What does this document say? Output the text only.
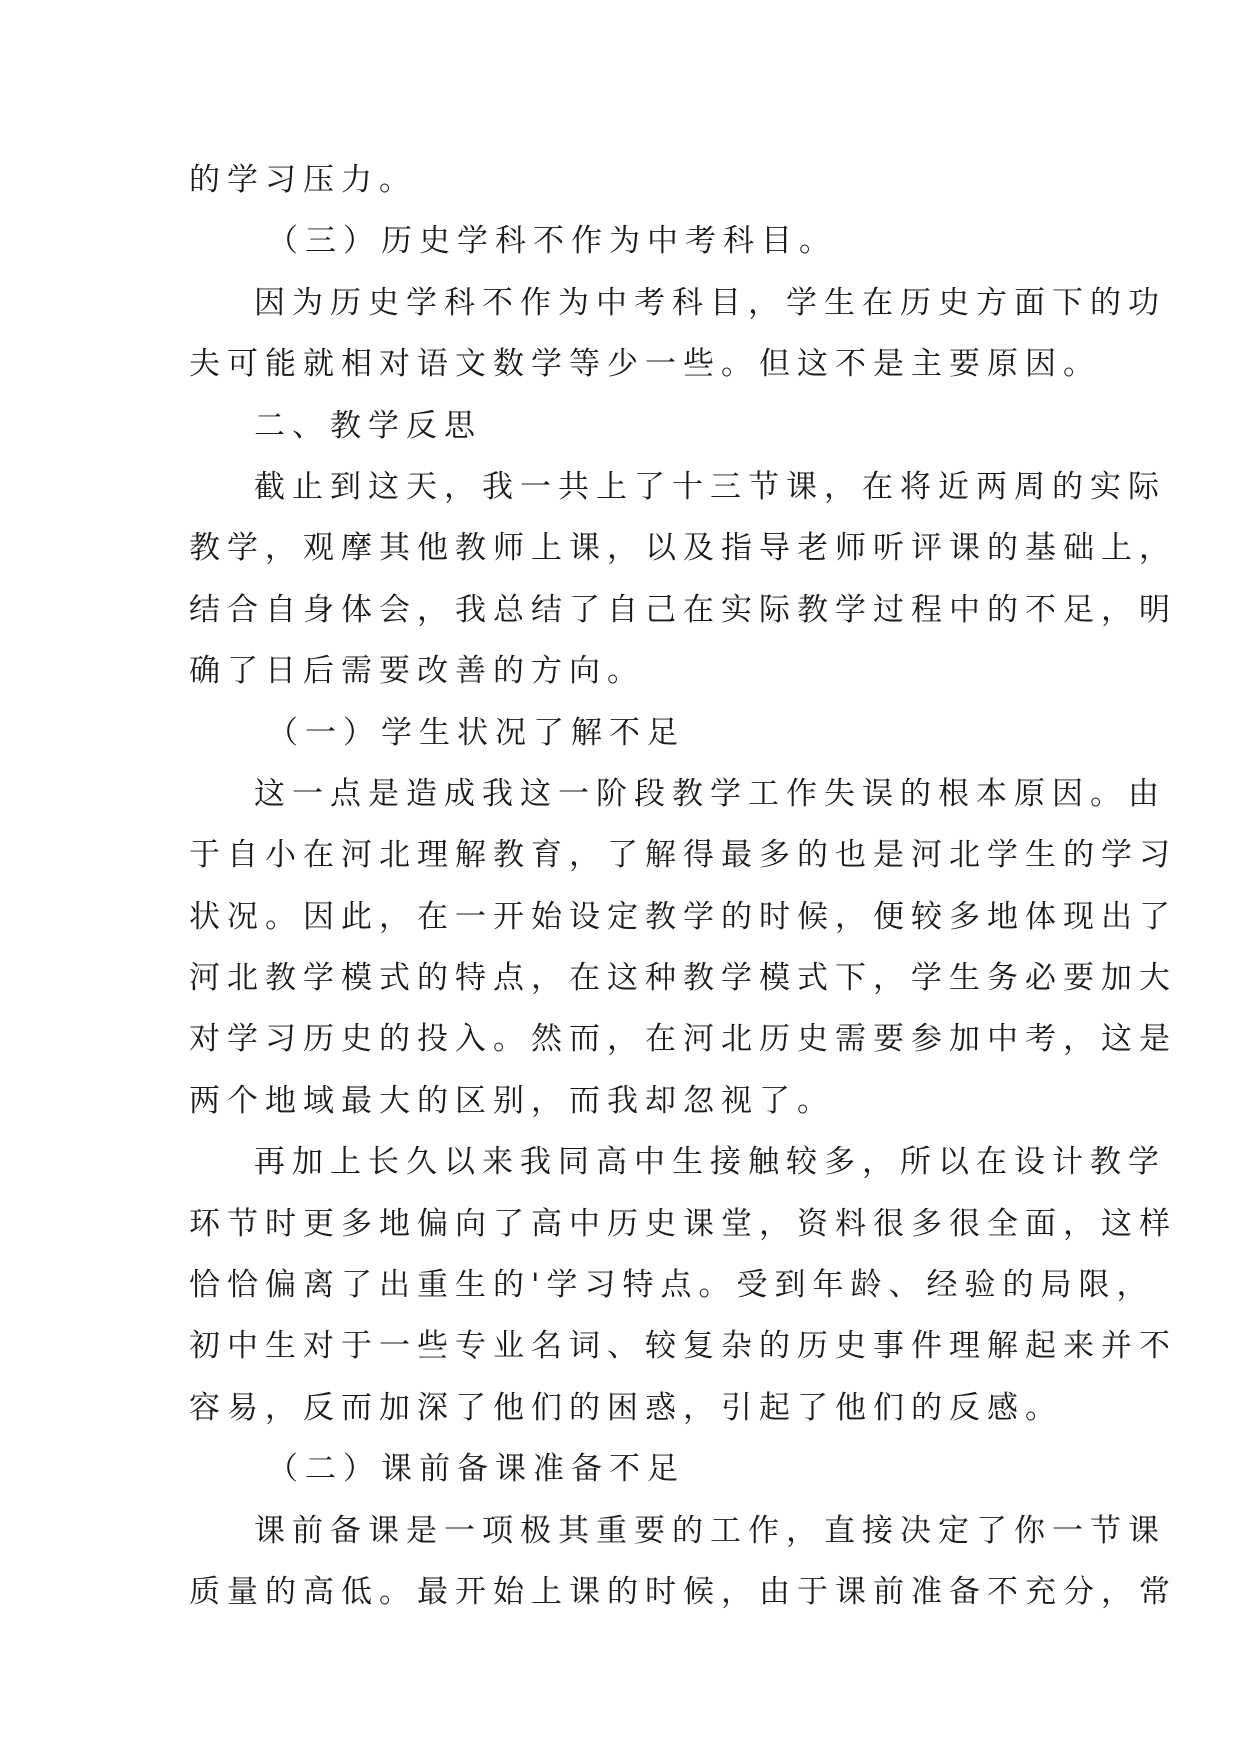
的学习压力。
（三）历史学科不作为中考科目。
因为历史学科不作为中考科目，学生在历史方面下的功
夫可能就相对语文数学等少一些。但这不是主要原因。
二、教学反思
截止到这天，我一共上了十三节课，在将近两周的实际
教学，观摩其他教师上课，以及指导老师听评课的基础上，
结合自身体会，我总结了自己在实际教学过程中的不足，明
确了日后需要改善的方向。
（一）学生状况了解不足
这一点是造成我这一阶段教学工作失误的根本原因。由
于自小在河北理解教育，了解得最多的也是河北学生的学习
状况。因此，在一开始设定教学的时候，便较多地体现出了
河北教学模式的特点，在这种教学模式下，学生务必要加大
对学习历史的投入。然而，在河北历史需要参加中考，这是
两个地域最大的区别，而我却忽视了。
再加上长久以来我同高中生接触较多，所以在设计教学
环节时更多地偏向了高中历史课堂，资料很多很全面，这样
恰恰偏离了出重生的'学习特点。受到年龄、经验的局限，
初中生对于一些专业名词、较复杂的历史事件理解起来并不
容易，反而加深了他们的困惑，引起了他们的反感。
（二）课前备课准备不足
课前备课是一项极其重要的工作，直接决定了你一节课
质量的高低。最开始上课的时候，由于课前准备不充分，常
